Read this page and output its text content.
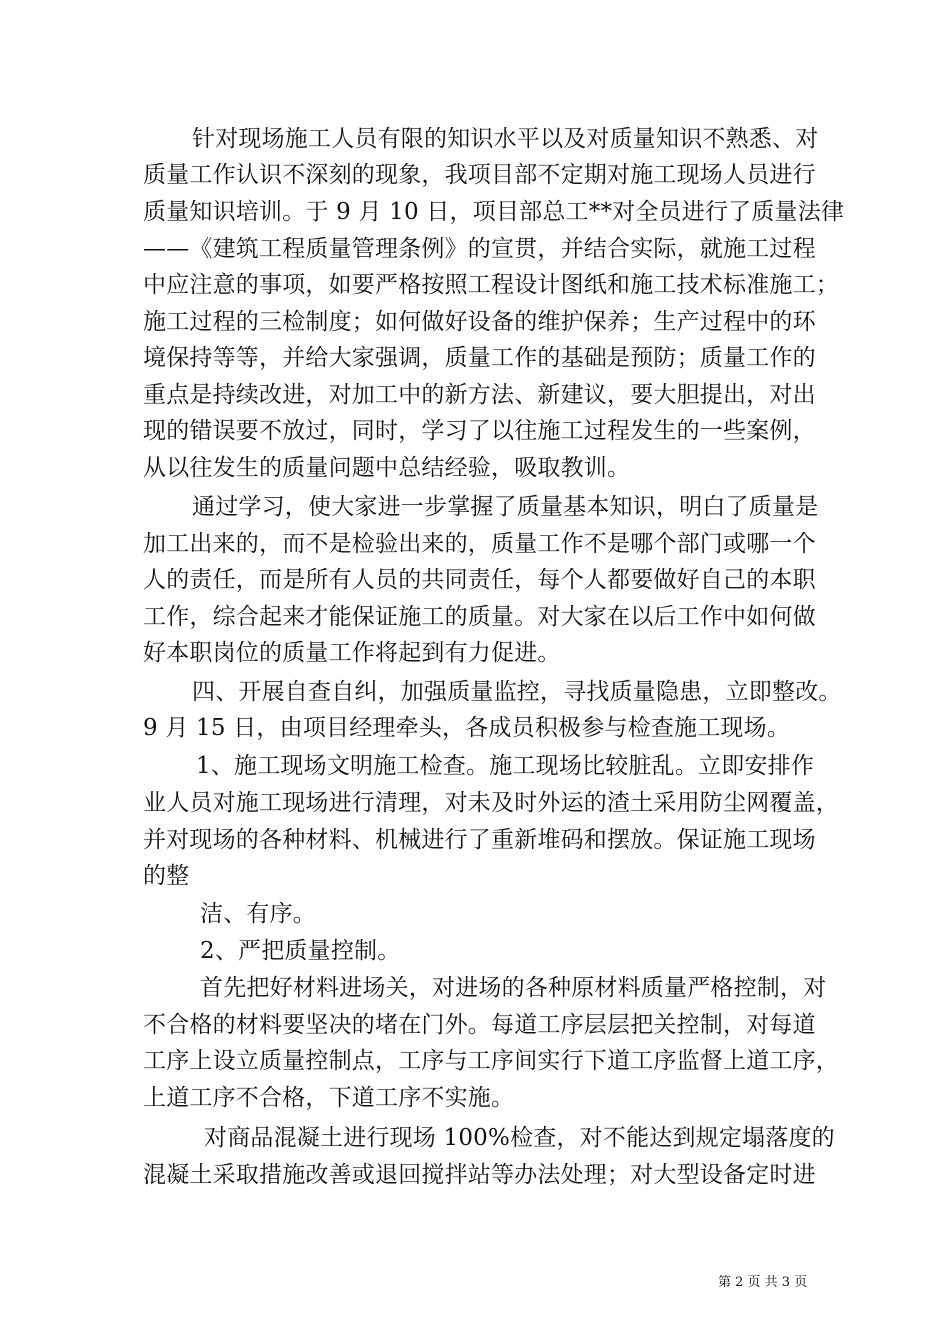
针对现场施工人员有限的知识水平以及对质量知识不熟悉、对
质量工作认识不深刻的现象，我项目部不定期对施工现场人员进行
质量知识培训。于 9 月 10 日，项目部总工**对全员进行了质量法律
——《建筑工程质量管理条例》的宣贯，并结合实际，就施工过程
中应注意的事项，如要严格按照工程设计图纸和施工技术标准施工；
施工过程的三检制度；如何做好设备的维护保养；生产过程中的环
境保持等等，并给大家强调，质量工作的基础是预防；质量工作的
重点是持续改进，对加工中的新方法、新建议，要大胆提出，对出
现的错误要不放过，同时，学习了以往施工过程发生的一些案例，
从以往发生的质量问题中总结经验，吸取教训。
通过学习，使大家进一步掌握了质量基本知识，明白了质量是
加工出来的，而不是检验出来的，质量工作不是哪个部门或哪一个
人的责任，而是所有人员的共同责任，每个人都要做好自己的本职
工作，综合起来才能保证施工的质量。对大家在以后工作中如何做
好本职岗位的质量工作将起到有力促进。
四、开展自查自纠，加强质量监控，寻找质量隐患，立即整改。
9 月 15 日，由项目经理牵头，各成员积极参与检查施工现场。
1、施工现场文明施工检查。施工现场比较脏乱。立即安排作
业人员对施工现场进行清理，对未及时外运的渣土采用防尘网覆盖，
并对现场的各种材料、机械进行了重新堆码和摆放。保证施工现场
的整
洁、有序。
2、严把质量控制。
首先把好材料进场关，对进场的各种原材料质量严格控制，对
不合格的材料要坚决的堵在门外。每道工序层层把关控制，对每道
工序上设立质量控制点，工序与工序间实行下道工序监督上道工序，
上道工序不合格，下道工序不实施。
对商品混凝土进行现场 100%检查，对不能达到规定塌落度的
混凝土采取措施改善或退回搅拌站等办法处理；对大型设备定时进
第 2 页 共 3 页
